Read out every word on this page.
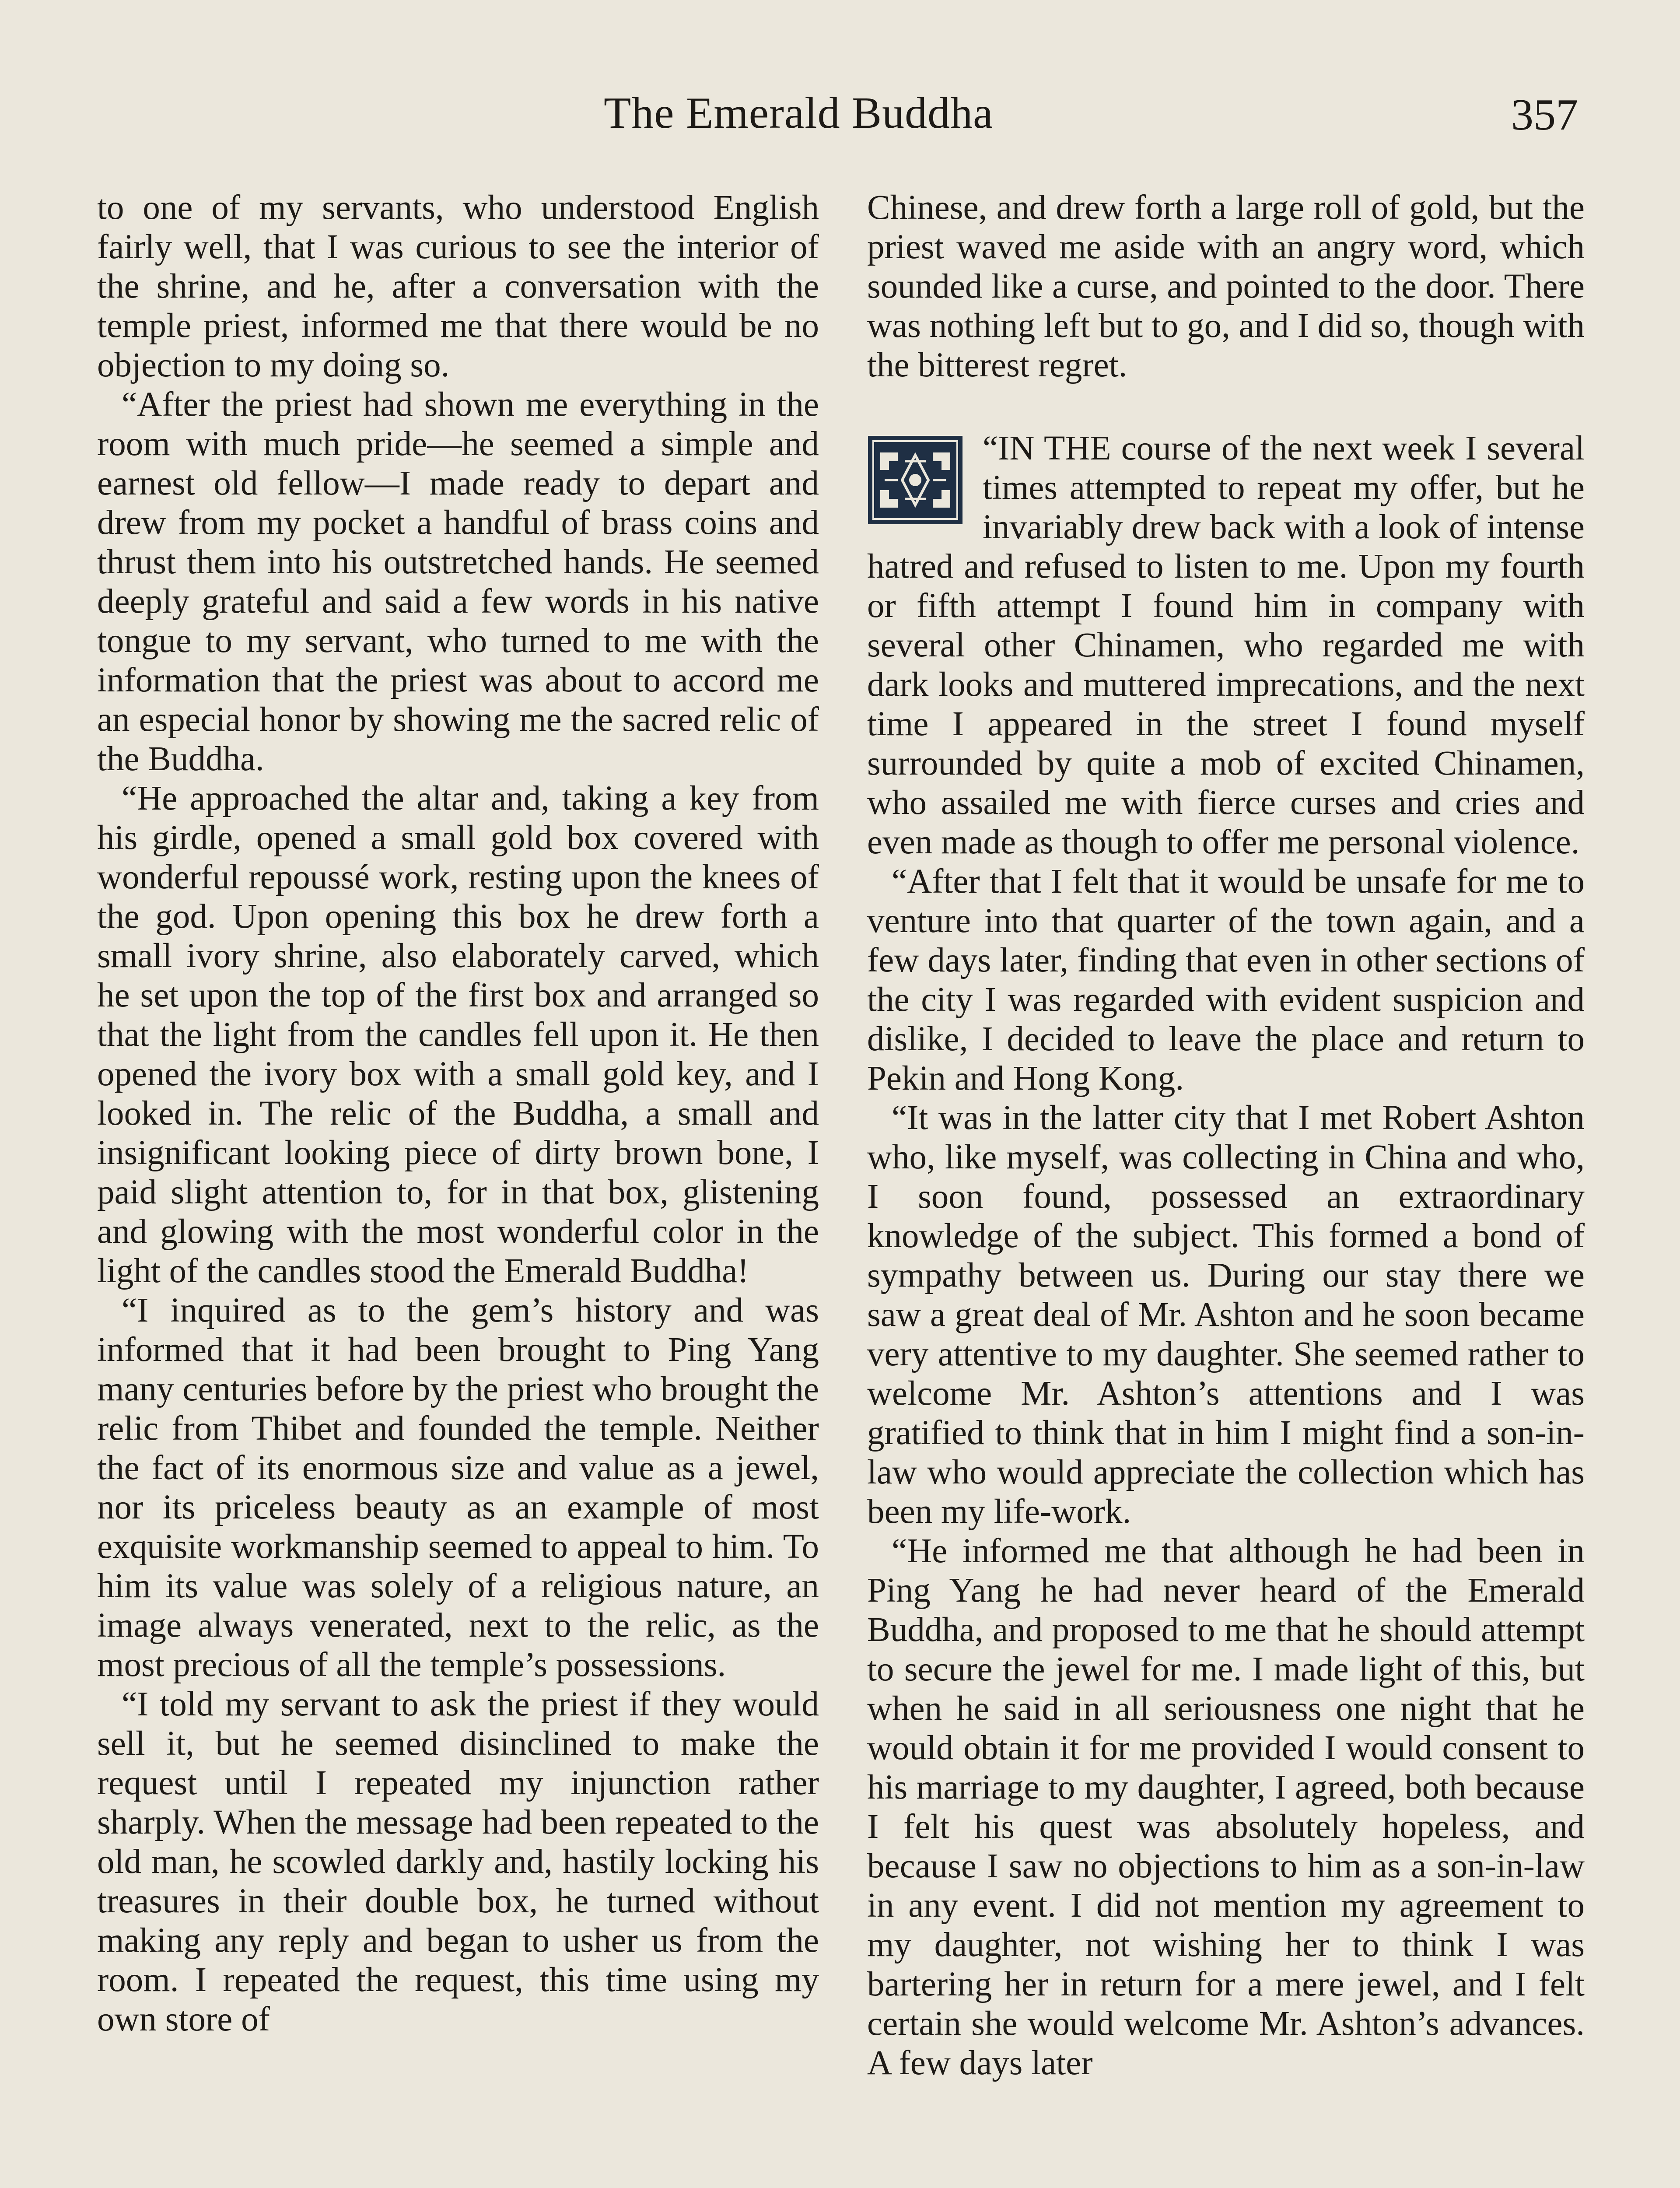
The Emerald Buddha	357

to one of my servants, who understood English fairly well, that I was curious to see the interior of the shrine, and he, after a conversation with the temple priest, informed me that there would be no objection to my doing so.

“After the priest had shown me everything in the room with much pride—he seemed a simple and earnest old fellow—I made ready to depart and drew from my pocket a handful of brass coins and thrust them into his outstretched hands. He seemed deeply grateful and said a few words in his native tongue to my servant, who turned to me with the information that the priest was about to accord me an especial honor by showing me the sacred relic of the Buddha.

“He approached the altar and, taking a key from his girdle, opened a small gold box covered with wonderful repoussé work, resting upon the knees of the god. Upon opening this box he drew forth a small ivory shrine, also elaborately carved, which he set upon the top of the first box and arranged so that the light from the candles fell upon it. He then opened the ivory box with a small gold key, and I looked in. The relic of the Buddha, a small and insignificant looking piece of dirty brown bone, I paid slight attention to, for in that box, glistening and glowing with the most wonderful color in the light of the candles stood the Emerald Buddha!

“I inquired as to the gem’s history and was informed that it had been brought to Ping Yang many centuries before by the priest who brought the relic from Thibet and founded the temple. Neither the fact of its enormous size and value as a jewel, nor its priceless beauty as an example of most exquisite workmanship seemed to appeal to him. To him its value was solely of a religious nature, an image always venerated, next to the relic, as the most precious of all the temple’s possessions.

“I told my servant to ask the priest if they would sell it, but he seemed disinclined to make the request until I repeated my injunction rather sharply. When the message had been repeated to the old man, he scowled darkly and, hastily locking his treasures in their double box, he turned without making any reply and began to usher us from the room. I repeated the request, this time using my own store of

Chinese, and drew forth a large roll of gold, but the priest waved me aside with an angry word, which sounded like a curse, and pointed to the door. There was nothing left but to go, and I did so, though with the bitterest regret.

“IN THE course of the next week I several times attempted to repeat my offer, but he invariably drew back with a look of intense hatred and refused to listen to me. Upon my fourth or fifth attempt I found him in company with several other Chinamen, who regarded me with dark looks and muttered imprecations, and the next time I appeared in the street I found myself surrounded by quite a mob of excited Chinamen, who assailed me with fierce curses and cries and even made as though to offer me personal violence.

“After that I felt that it would be unsafe for me to venture into that quarter of the town again, and a few days later, finding that even in other sections of the city I was regarded with evident suspicion and dislike, I decided to leave the place and return to Pekin and Hong Kong.

“It was in the latter city that I met Robert Ashton who, like myself, was collecting in China and who, I soon found, possessed an extraordinary knowledge of the subject. This formed a bond of sympathy between us. During our stay there we saw a great deal of Mr. Ashton and he soon became very attentive to my daughter. She seemed rather to welcome Mr. Ashton’s attentions and I was gratified to think that in him I might find a son-in-law who would appreciate the collection which has been my life-work.

“He informed me that although he had been in Ping Yang he had never heard of the Emerald Buddha, and proposed to me that he should attempt to secure the jewel for me. I made light of this, but when he said in all seriousness one night that he would obtain it for me provided I would consent to his marriage to my daughter, I agreed, both because I felt his quest was absolutely hopeless, and because I saw no objections to him as a son-in-law in any event. I did not mention my agreement to my daughter, not wishing her to think I was bartering her in return for a mere jewel, and I felt certain she would welcome Mr. Ashton’s advances. A few days later
